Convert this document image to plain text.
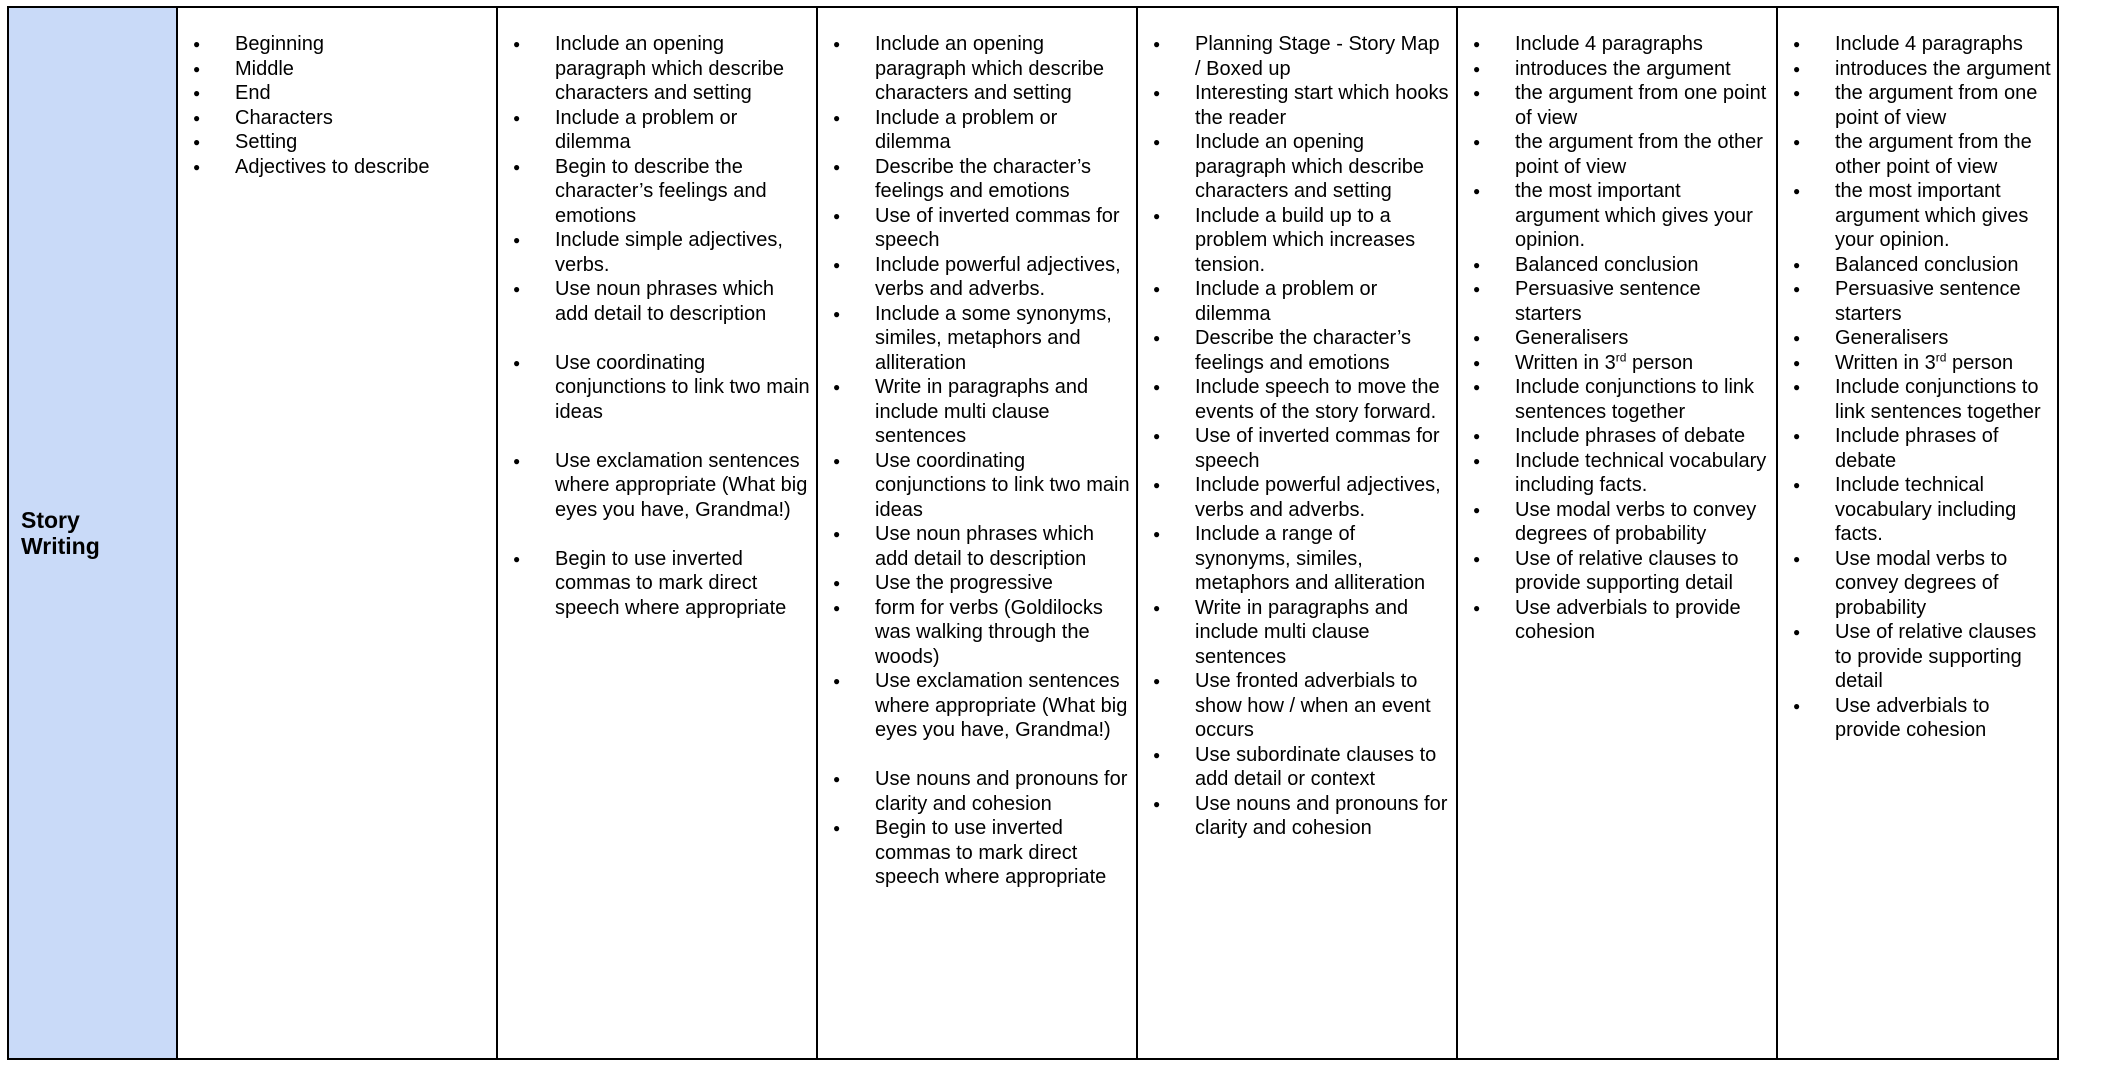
Story Writing
● Beginning
● Middle
● End
● Characters
● Setting
● Adjectives to describe
● Include an opening paragraph which describe characters and setting
● Include a problem or dilemma
● Begin to describe the character’s feelings and emotions
● Include simple adjectives, verbs.
● Use noun phrases which add detail to description
● Use coordinating conjunctions to link two main ideas
● Use exclamation sentences where appropriate (What big eyes you have, Grandma!)
● Begin to use inverted commas to mark direct speech where appropriate
● Include an opening paragraph which describe characters and setting
● Include a problem or dilemma
● Describe the character’s feelings and emotions
● Use of inverted commas for speech
● Include powerful adjectives, verbs and adverbs.
● Include a some synonyms, similes, metaphors and alliteration
● Write in paragraphs and include multi clause sentences
● Use coordinating conjunctions to link two main ideas
● Use noun phrases which add detail to description
● Use the progressive
● form for verbs (Goldilocks was walking through the woods)
● Use exclamation sentences where appropriate (What big eyes you have, Grandma!)
● Use nouns and pronouns for clarity and cohesion
● Begin to use inverted commas to mark direct speech where appropriate
● Planning Stage - Story Map / Boxed up
● Interesting start which hooks the reader
● Include an opening paragraph which describe characters and setting
● Include a build up to a problem which increases tension.
● Include a problem or dilemma
● Describe the character’s feelings and emotions
● Include speech to move the events of the story forward.
● Use of inverted commas for speech
● Include powerful adjectives, verbs and adverbs.
● Include a range of synonyms, similes, metaphors and alliteration
● Write in paragraphs and include multi clause sentences
● Use fronted adverbials to show how / when an event occurs
● Use subordinate clauses to add detail or context
● Use nouns and pronouns for clarity and cohesion
● Include 4 paragraphs
● introduces the argument
● the argument from one point of view
● the argument from the other point of view
● the most important argument which gives your opinion.
● Balanced conclusion
● Persuasive sentence starters
● Generalisers
● Written in 3rd person
● Include conjunctions to link sentences together
● Include phrases of debate
● Include technical vocabulary including facts.
● Use modal verbs to convey degrees of probability
● Use of relative clauses to provide supporting detail
● Use adverbials to provide cohesion
● Include 4 paragraphs
● introduces the argument
● the argument from one point of view
● the argument from the other point of view
● the most important argument which gives your opinion.
● Balanced conclusion
● Persuasive sentence starters
● Generalisers
● Written in 3rd person
● Include conjunctions to link sentences together
● Include phrases of debate
● Include technical vocabulary including facts.
● Use modal verbs to convey degrees of probability
● Use of relative clauses to provide supporting detail
● Use adverbials to provide cohesion
